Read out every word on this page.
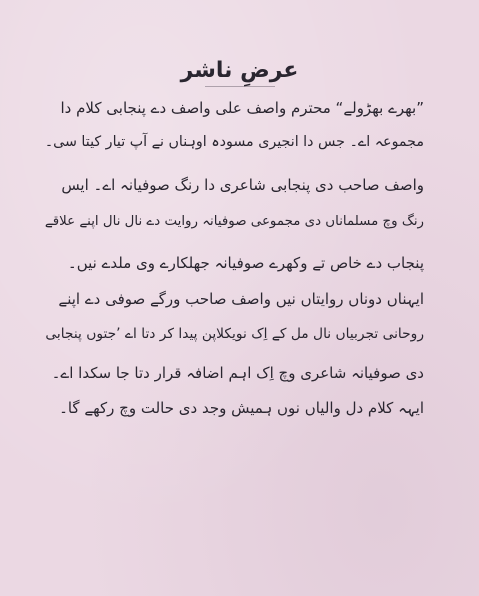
عرضِ ناشر
”بھرے بھڑولے“ محترم واصف علی واصف دے پنجابی کلام دا
مجموعہ اے۔ جس دا انجیری مسودہ اوہناں نے آپ تیار کیتا سی۔
واصف صاحب دی پنجابی شاعری دا رنگ صوفیانہ اے۔ ایس
رنگ وچ مسلماناں دی مجموعی صوفیانہ روایت دے نال نال اپنے علاقے
پنجاب دے خاص تے وکھرے صوفیانہ جھلکارے وی ملدے نیں۔
ایہناں دوناں روایتاں نیں واصف صاحب ورگے صوفی دے اپنے
روحانی تجربیاں نال مل کے اِک نویکلاپن پیدا کر دتا اے ’جتوں پنجابی
دی صوفیانہ شاعری وچ اِک اہم اضافہ قرار دتا جا سکدا اے۔
ایہہ کلام دل والیاں نوں ہمیش وجد دی حالت وچ رکھے گا۔
